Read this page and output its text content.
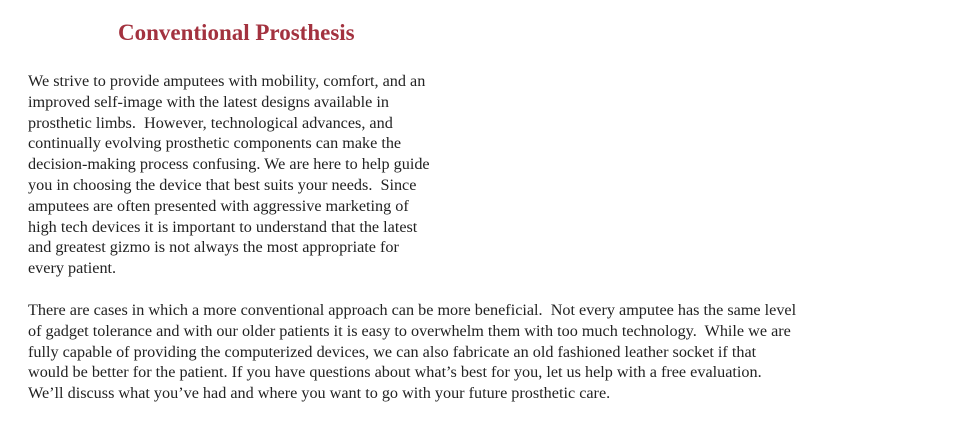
Conventional Prosthesis

We strive to provide amputees with mobility, comfort, and an
improved self-image with the latest designs available in
prosthetic limbs.  However, technological advances, and
continually evolving prosthetic components can make the
decision-making process confusing. We are here to help guide
you in choosing the device that best suits your needs.  Since
amputees are often presented with aggressive marketing of
high tech devices it is important to understand that the latest
and greatest gizmo is not always the most appropriate for
every patient.

There are cases in which a more conventional approach can be more beneficial.  Not every amputee has the same level
of gadget tolerance and with our older patients it is easy to overwhelm them with too much technology.  While we are
fully capable of providing the computerized devices, we can also fabricate an old fashioned leather socket if that
would be better for the patient. If you have questions about what’s best for you, let us help with a free evaluation.
We’ll discuss what you’ve had and where you want to go with your future prosthetic care.
